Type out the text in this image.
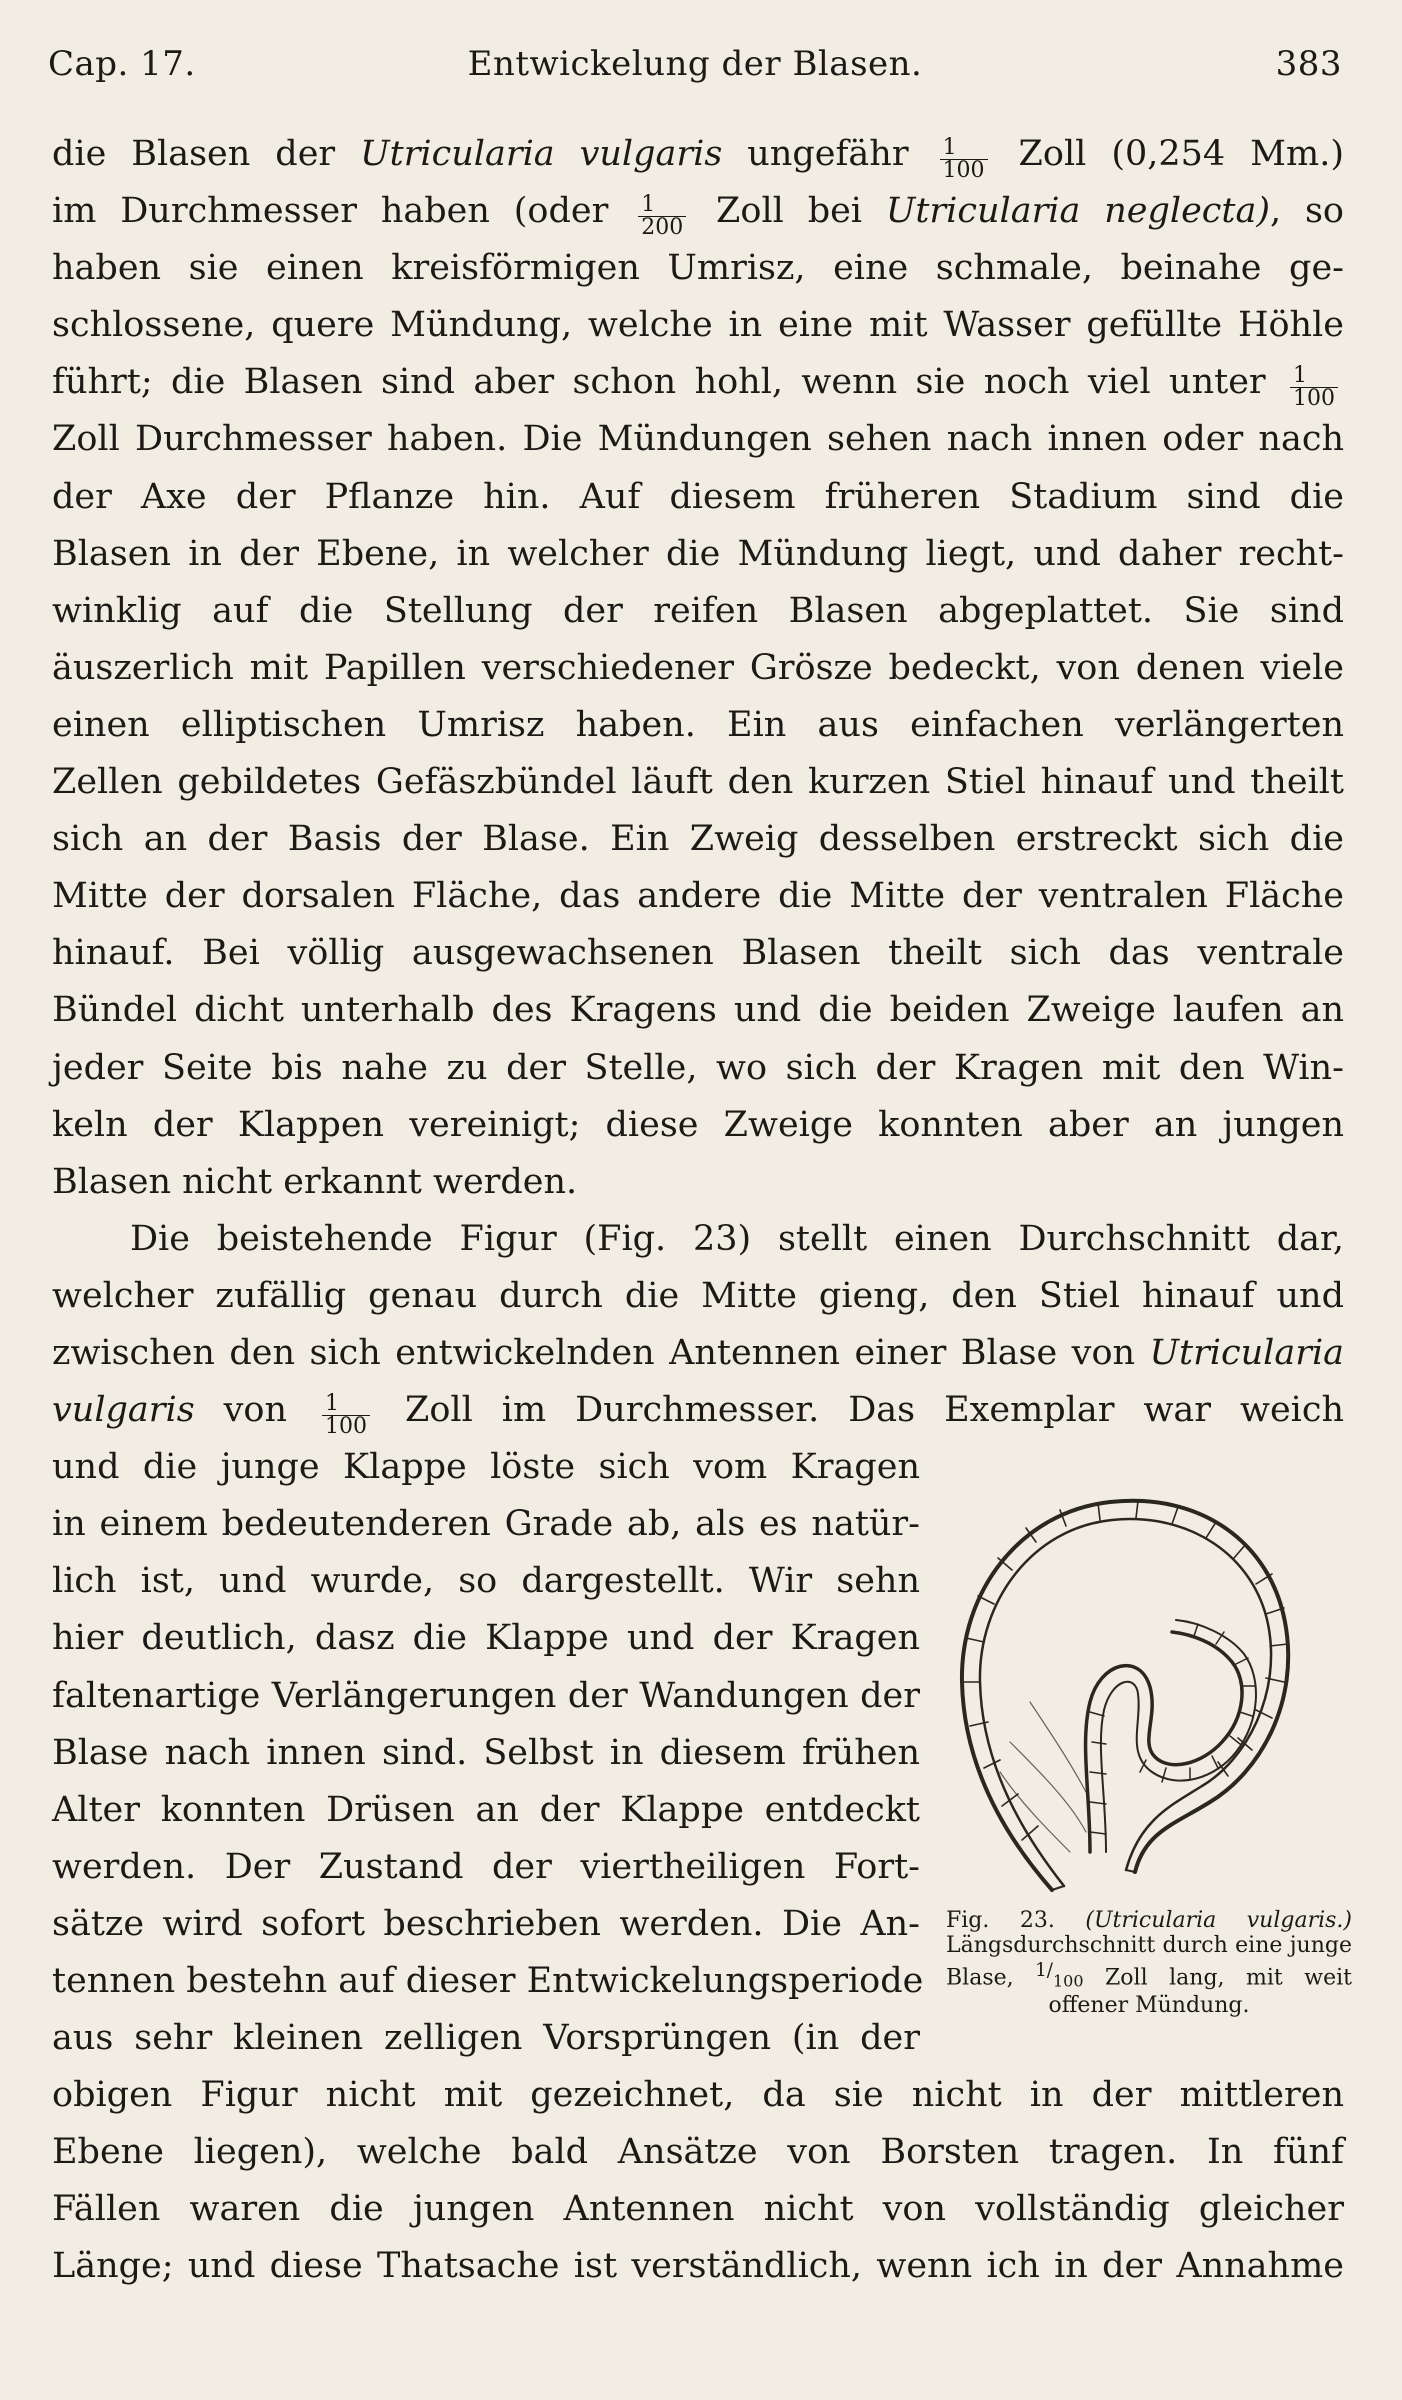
Cap. 17.	Entwickelung der Blasen.	383
die Blasen der Utricularia vulgaris ungefähr $\frac{1}{100}$ Zoll (0,254 Mm.)
im Durchmesser haben (oder $\frac{1}{200}$ Zoll bei Utricularia neglecta), so
haben sie einen kreisförmigen Umrisz, eine schmale, beinahe ge-
schlossene, quere Mündung, welche in eine mit Wasser gefüllte Höhle
führt; die Blasen sind aber schon hohl, wenn sie noch viel unter $\frac{1}{100}$
Zoll Durchmesser haben. Die Mündungen sehen nach innen oder nach
der Axe der Pflanze hin. Auf diesem früheren Stadium sind die
Blasen in der Ebene, in welcher die Mündung liegt, und daher recht-
winklig auf die Stellung der reifen Blasen abgeplattet. Sie sind
äuszerlich mit Papillen verschiedener Grösze bedeckt, von denen viele
einen elliptischen Umrisz haben. Ein aus einfachen verlängerten
Zellen gebildetes Gefäszbündel läuft den kurzen Stiel hinauf und theilt
sich an der Basis der Blase. Ein Zweig desselben erstreckt sich die
Mitte der dorsalen Fläche, das andere die Mitte der ventralen Fläche
hinauf. Bei völlig ausgewachsenen Blasen theilt sich das ventrale
Bündel dicht unterhalb des Kragens und die beiden Zweige laufen an
jeder Seite bis nahe zu der Stelle, wo sich der Kragen mit den Win-
keln der Klappen vereinigt; diese Zweige konnten aber an jungen
Blasen nicht erkannt werden.
Die beistehende Figur (Fig. 23) stellt einen Durchschnitt dar,
welcher zufällig genau durch die Mitte gieng, den Stiel hinauf und
zwischen den sich entwickelnden Antennen einer Blase von Utricularia
vulgaris von $\frac{1}{100}$ Zoll im Durchmesser. Das Exemplar war weich
und die junge Klappe löste sich vom Kragen
in einem bedeutenderen Grade ab, als es natür-
lich ist, und wurde, so dargestellt. Wir sehn
hier deutlich, dasz die Klappe und der Kragen
faltenartige Verlängerungen der Wandungen der
Blase nach innen sind. Selbst in diesem frühen
Alter konnten Drüsen an der Klappe entdeckt
werden. Der Zustand der viertheiligen Fort-
sätze wird sofort beschrieben werden. Die An-
tennen bestehn auf dieser Entwickelungsperiode
aus sehr kleinen zelligen Vorsprüngen (in der
obigen Figur nicht mit gezeichnet, da sie nicht in der mittleren
Ebene liegen), welche bald Ansätze von Borsten tragen. In fünf
Fällen waren die jungen Antennen nicht von vollständig gleicher
Länge; und diese Thatsache ist verständlich, wenn ich in der Annahme
Fig. 23. (Utricularia vulgaris.) Längsdurchschnitt durch eine junge Blase, $^{1/}$100 Zoll lang, mit weit offener Mündung.
